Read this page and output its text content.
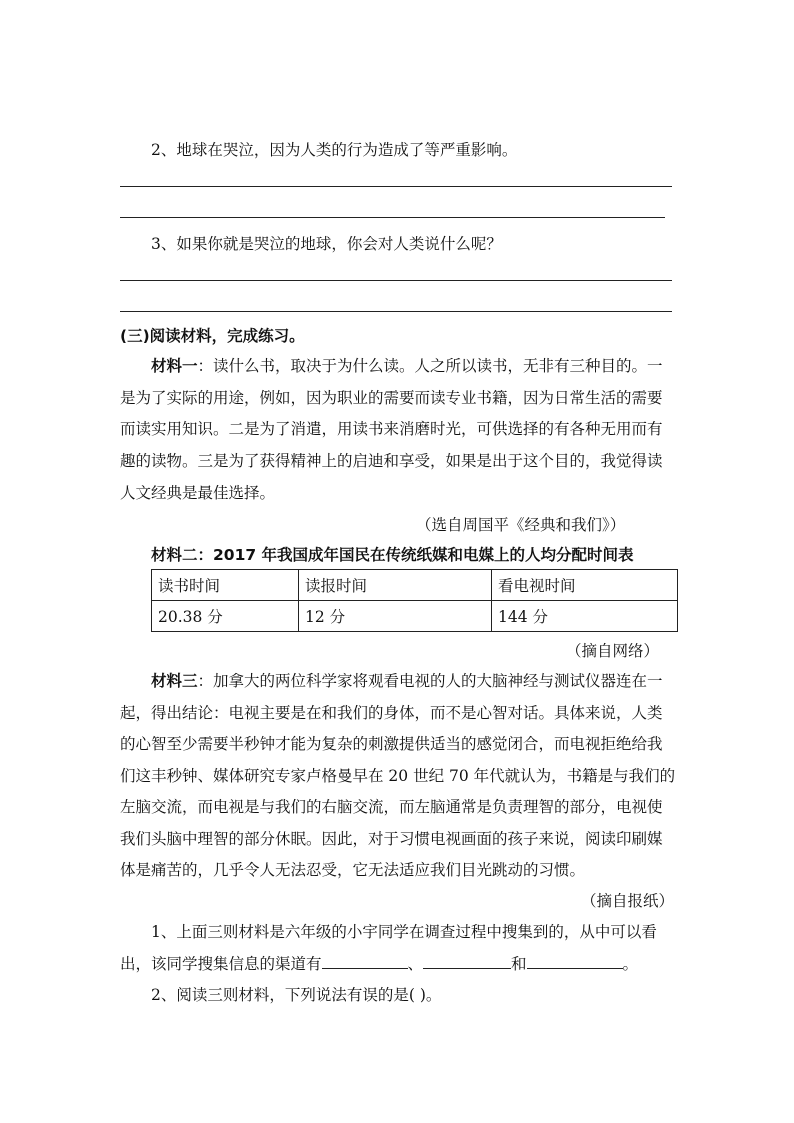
2、地球在哭泣，因为人类的行为造成了等严重影响。
3、如果你就是哭泣的地球，你会对人类说什么呢？
(三)阅读材料，完成练习。
材料一：读什么书，取决于为什么读。人之所以读书，无非有三种目的。一
是为了实际的用途，例如，因为职业的需要而读专业书籍，因为日常生活的需要
而读实用知识。二是为了消遣，用读书来消磨时光，可供选择的有各种无用而有
趣的读物。三是为了获得精神上的启迪和享受，如果是出于这个目的，我觉得读
人文经典是最佳选择。
（选自周国平《经典和我们》）
材料二：2017 年我国成年国民在传统纸媒和电媒上的人均分配时间表
读书时间	读报时间	看电视时间
20.38 分	12 分	144 分
（摘自网络）
材料三：加拿大的两位科学家将观看电视的人的大脑神经与测试仪器连在一
起，得出结论：电视主要是在和我们的身体，而不是心智对话。具体来说，人类
的心智至少需要半秒钟才能为复杂的刺激提供适当的感觉闭合，而电视拒绝给我
们这丰秒钟、媒体研究专家卢格曼早在 20 世纪 70 年代就认为，书籍是与我们的
左脑交流，而电视是与我们的右脑交流，而左脑通常是负责理智的部分，电视使
我们头脑中理智的部分休眠。因此，对于习惯电视画面的孩子来说，阅读印刷媒
体是痛苦的，几乎令人无法忍受，它无法适应我们目光跳动的习惯。
（摘自报纸）
1、上面三则材料是六年级的小宇同学在调查过程中搜集到的，从中可以看
出，该同学搜集信息的渠道有	、	和	。
2、阅读三则材料，下列说法有误的是( )。
